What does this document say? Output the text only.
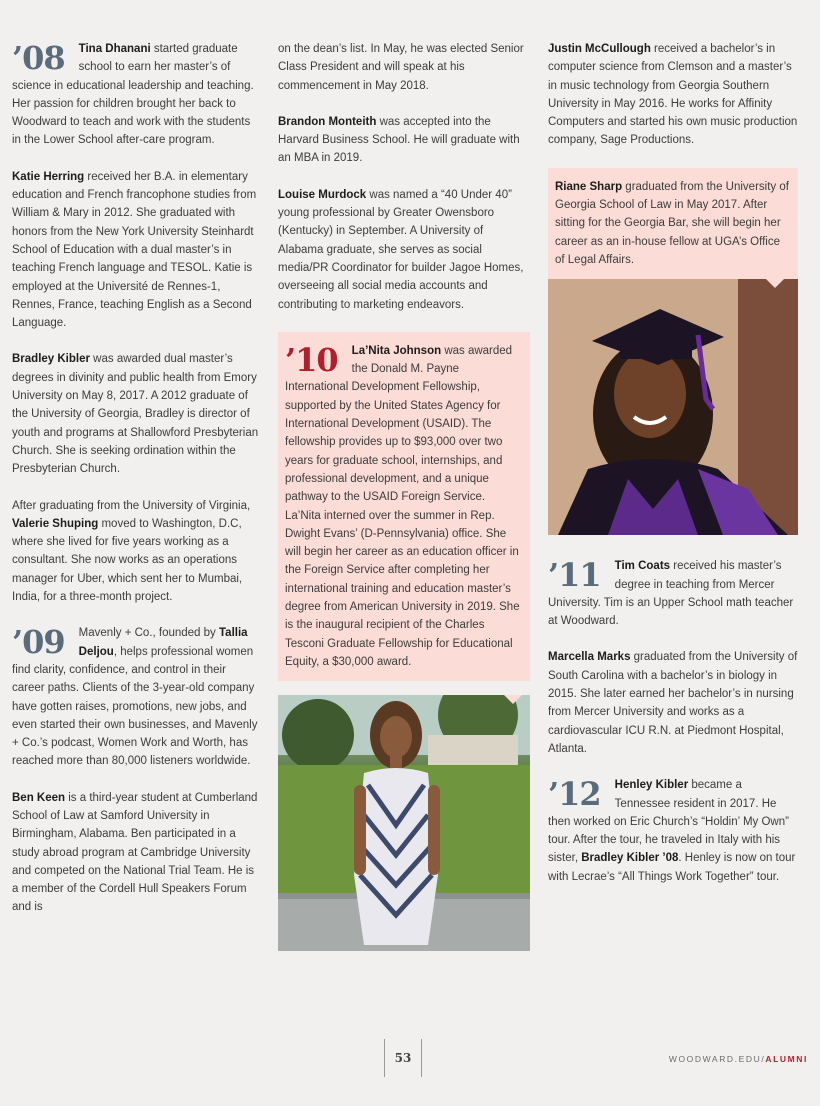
’08 Tina Dhanani started graduate school to earn her master’s of science in educational leadership and teaching. Her passion for children brought her back to Woodward to teach and work with the students in the Lower School after-care program.

Katie Herring received her B.A. in elementary education and French francophone studies from William & Mary in 2012. She graduated with honors from the New York University Steinhardt School of Education with a dual master’s in teaching French language and TESOL. Katie is employed at the Université de Rennes-1, Rennes, France, teaching English as a Second Language.

Bradley Kibler was awarded dual master’s degrees in divinity and public health from Emory University on May 8, 2017. A 2012 graduate of the University of Georgia, Bradley is director of youth and programs at Shallowford Presbyterian Church. She is seeking ordination within the Presbyterian Church.

After graduating from the University of Virginia, Valerie Shuping moved to Washington, D.C, where she lived for five years working as a consultant. She now works as an operations manager for Uber, which sent her to Mumbai, India, for a three-month project.

’09 Mavenly + Co., founded by Tallia Deljou, helps professional women find clarity, confidence, and control in their career paths. Clients of the 3-year-old company have gotten raises, promotions, new jobs, and even started their own businesses, and Mavenly + Co.’s podcast, Women Work and Worth, has reached more than 80,000 listeners worldwide.

Ben Keen is a third-year student at Cumberland School of Law at Samford University in Birmingham, Alabama. Ben participated in a study abroad program at Cambridge University and competed on the National Trial Team. He is a member of the Cordell Hull Speakers Forum and is

on the dean’s list. In May, he was elected Senior Class President and will speak at his commencement in May 2018.

Brandon Monteith was accepted into the Harvard Business School. He will graduate with an MBA in 2019.

Louise Murdock was named a “40 Under 40” young professional by Greater Owensboro (Kentucky) in September. A University of Alabama graduate, she serves as social media/PR Coordinator for builder Jagoe Homes, overseeing all social media accounts and contributing to marketing endeavors.

’10 La’Nita Johnson was awarded the Donald M. Payne International Development Fellowship, supported by the United States Agency for International Development (USAID). The fellowship provides up to $93,000 over two years for graduate school, internships, and professional development, and a unique pathway to the USAID Foreign Service. La’Nita interned over the summer in Rep. Dwight Evans’ (D-Pennsylvania) office. She will begin her career as an education officer in the Foreign Service after completing her international training and education master’s degree from American University in 2019. She is the inaugural recipient of the Charles Tesconi Graduate Fellowship for Educational Equity, a $30,000 award.

Justin McCullough received a bachelor’s in computer science from Clemson and a master’s in music technology from Georgia Southern University in May 2016. He works for Affinity Computers and started his own music production company, Sage Productions.

Riane Sharp graduated from the University of Georgia School of Law in May 2017. After sitting for the Georgia Bar, she will begin her career as an in-house fellow at UGA’s Office of Legal Affairs.

’11 Tim Coats received his master’s degree in teaching from Mercer University. Tim is an Upper School math teacher at Woodward.

Marcella Marks graduated from the University of South Carolina with a bachelor’s in biology in 2015. She later earned her bachelor’s in nursing from Mercer University and works as a cardiovascular ICU R.N. at Piedmont Hospital, Atlanta.

’12 Henley Kibler became a Tennessee resident in 2017. He then worked on Eric Church’s “Holdin’ My Own” tour. After the tour, he traveled in Italy with his sister, Bradley Kibler ’08. Henley is now on tour with Lecrae’s “All Things Work Together” tour.

53	WOODWARD.EDU/ALUMNI
